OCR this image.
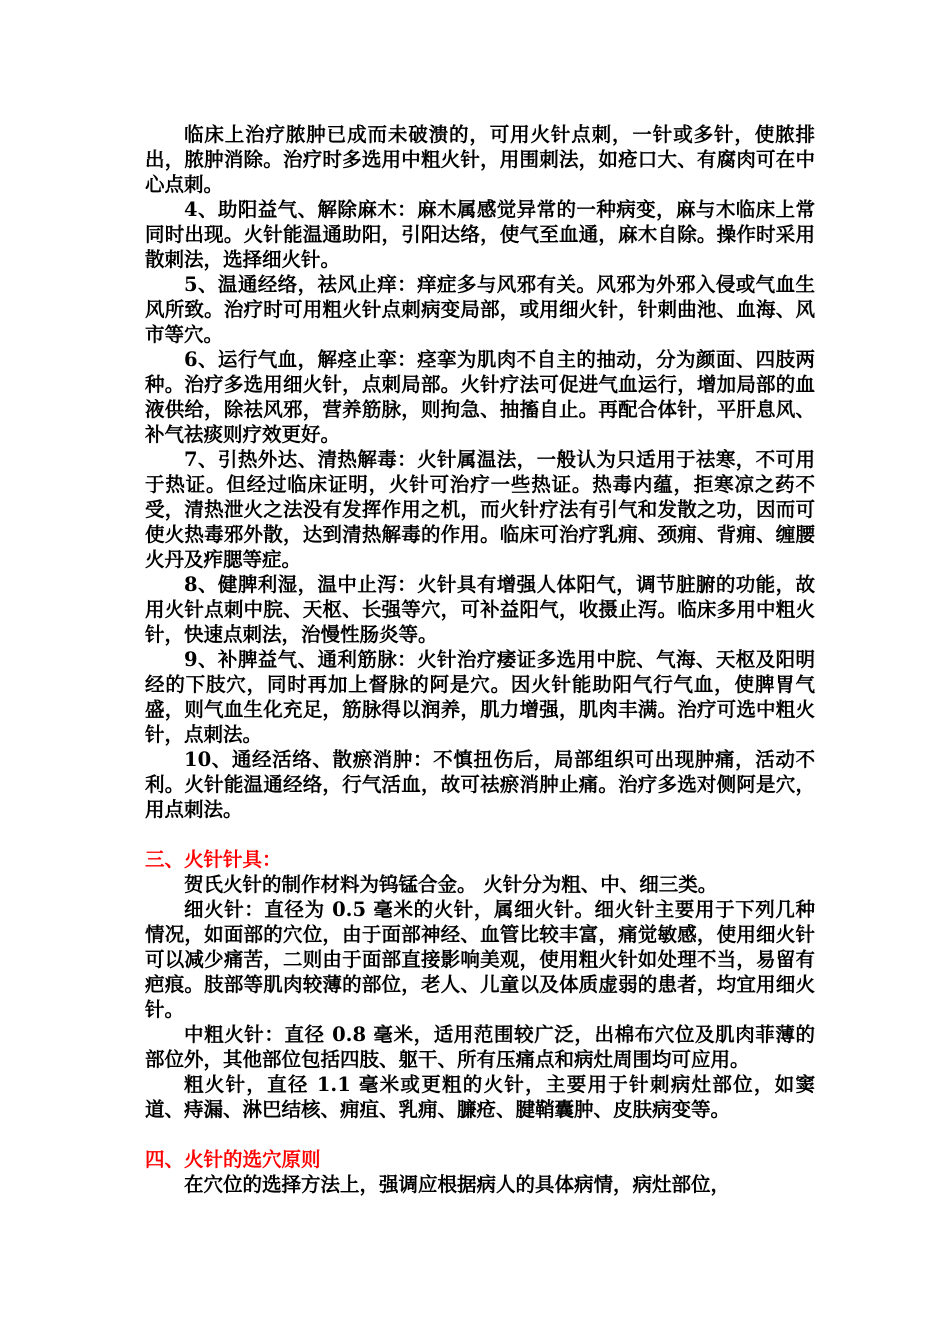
临床上治疗脓肿已成而未破溃的，可用火针点刺，一针或多针，使脓排出，脓肿消除。治疗时多选用中粗火针，用围刺法，如疮口大、有腐肉可在中心点刺。

4、助阳益气、解除麻木：麻木属感觉异常的一种病变，麻与木临床上常同时出现。火针能温通助阳，引阳达络，使气至血通，麻木自除。操作时采用散刺法，选择细火针。

5、温通经络，祛风止痒：痒症多与风邪有关。风邪为外邪入侵或气血生风所致。治疗时可用粗火针点刺病变局部，或用细火针，针刺曲池、血海、风市等穴。

6、运行气血，解痉止挛：痉挛为肌肉不自主的抽动，分为颜面、四肢两种。治疗多选用细火针，点刺局部。火针疗法可促进气血运行，增加局部的血液供给，除祛风邪，营养筋脉，则拘急、抽搐自止。再配合体针，平肝息风、补气祛痰则疗效更好。

7、引热外达、清热解毒：火针属温法，一般认为只适用于祛寒，不可用于热证。但经过临床证明，火针可治疗一些热证。热毒内蕴，拒寒凉之药不受，清热泄火之法没有发挥作用之机，而火针疗法有引气和发散之功，因而可使火热毒邪外散，达到清热解毒的作用。临床可治疗乳痈、颈痈、背痈、缠腰火丹及痄腮等症。

8、健脾利湿，温中止泻：火针具有增强人体阳气，调节脏腑的功能，故用火针点刺中脘、天枢、长强等穴，可补益阳气，收摄止泻。临床多用中粗火针，快速点刺法，治慢性肠炎等。

9、补脾益气、通利筋脉：火针治疗痿证多选用中脘、气海、天枢及阳明经的下肢穴，同时再加上督脉的阿是穴。因火针能助阳气行气血，使脾胃气盛，则气血生化充足，筋脉得以润养，肌力增强，肌肉丰满。治疗可选中粗火针，点刺法。

10、通经活络、散瘀消肿：不慎扭伤后，局部组织可出现肿痛，活动不利。火针能温通经络，行气活血，故可祛瘀消肿止痛。治疗多选对侧阿是穴，用点刺法。

三、火针针具：

贺氏火针的制作材料为钨锰合金。 火针分为粗、中、细三类。

细火针：直径为 0.5 毫米的火针，属细火针。细火针主要用于下列几种情况，如面部的穴位，由于面部神经、血管比较丰富，痛觉敏感，使用细火针可以减少痛苦，二则由于面部直接影响美观，使用粗火针如处理不当，易留有疤痕。肢部等肌肉较薄的部位，老人、儿童以及体质虚弱的患者，均宜用细火针。

中粗火针：直径 0.8 毫米，适用范围较广泛，出棉布穴位及肌肉菲薄的部位外，其他部位包括四肢、躯干、所有压痛点和病灶周围均可应用。

粗火针，直径 1.1 毫米或更粗的火针，主要用于针刺病灶部位，如窦道、痔漏、淋巴结核、痈疽、乳痈、臁疮、腱鞘囊肿、皮肤病变等。

四、火针的选穴原则

在穴位的选择方法上，强调应根据病人的具体病情，病灶部位，
